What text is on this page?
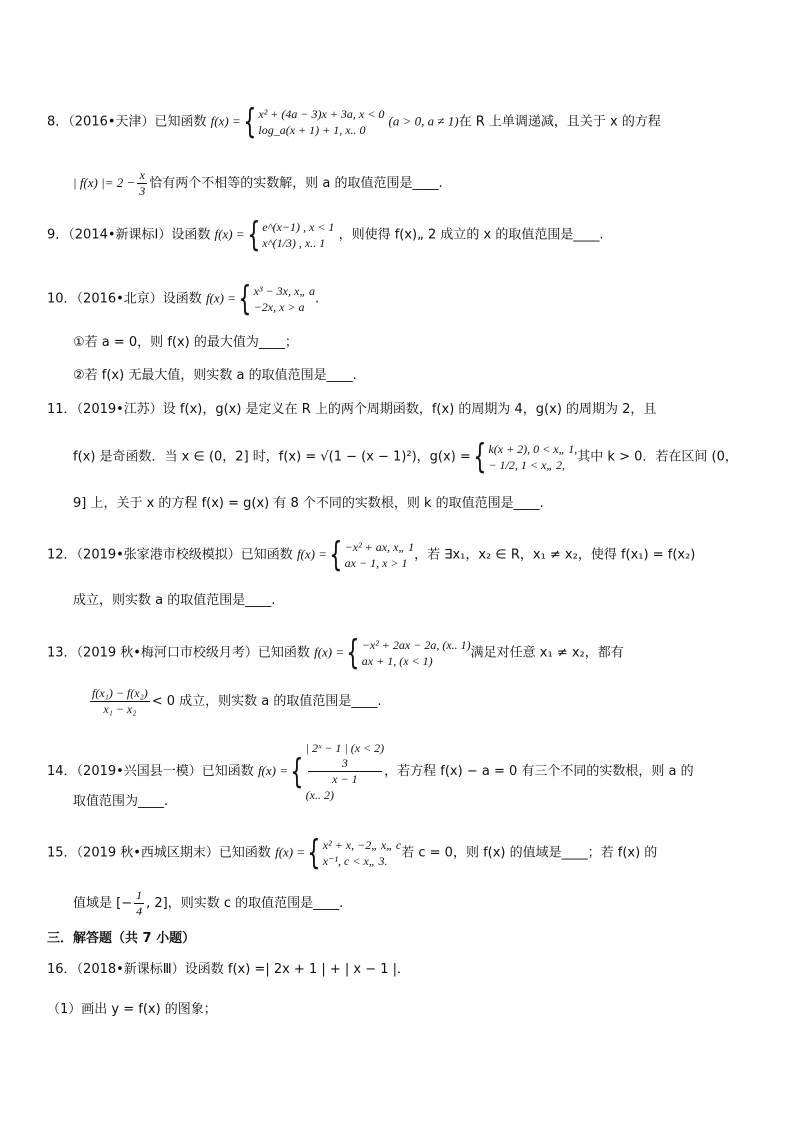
8．（2016•天津）已知函数 f(x) ={ x² + (4a − 3)x + 3a, x < 0
log_a(x + 1) + 1, x.. 0
(a > 0, a ≠ 1)在 R 上单调递减，且关于 x 的方程
| f(x) |= $2 - \frac{x}{3}$ 恰有两个不相等的实数解，则 a 的取值范围是____.
9．（2014•新课标Ⅰ）设函数 f(x) ={ e^(x−1) , x < 1
x^(1/3) , x.. 1
，则使得 f(x)„ 2 成立的 x 的取值范围是____.
10．（2016•北京）设函数 f(x) ={ x³ − 3x, x„ a
−2x, x > a
.
①若 a = 0，则 f(x) 的最大值为____；
②若 f(x) 无最大值，则实数 a 的取值范围是____.
11．（2019•江苏）设 f(x)，g(x) 是定义在 R 上的两个周期函数，f(x) 的周期为 4，g(x) 的周期为 2，且
f(x) 是奇函数．当 x ∈ (0，2] 时，f(x) = √(1 − (x − 1)²)，g(x) ={ k(x + 2), 0 < x„ 1,
− 1/2, 1 < x„ 2,
其中 k > 0．若在区间 (0，
9] 上，关于 x 的方程 f(x) = g(x) 有 8 个不同的实数根，则 k 的取值范围是____.
12．（2019•张家港市校级模拟）已知函数 f(x) ={ −x² + ax, x„ 1
ax − 1, x > 1
，若 ∃x₁，x₂ ∈ R，x₁ ≠ x₂，使得 f(x₁) = f(x₂)
成立，则实数 a 的取值范围是____.
13．（2019 秋•梅河口市校级月考）已知函数 f(x) ={ −x² + 2ax − 2a, (x.. 1)
ax + 1, (x < 1)
满足对任意 x₁ ≠ x₂，都有
$\frac{\text{f(x₁) − f(x₂)}}{\text{x₁ − x₂}} < 0$ 成立，则实数 a 的取值范围是____.
14．（2019•兴国县一模）已知函数 f(x) ={
| 2ˣ − 1 | (x < 2)
3
x − 1
(x.. 2)
，若方程 f(x) − a = 0 有三个不同的实数根，则 a 的
取值范围为____.
15．（2019 秋•西城区期末）已知函数 f(x) ={ x² + x, −2„ x„ c
x⁻¹, c < x„ 3.
若 c = 0，则 f(x) 的值域是____；若 f(x) 的
值域是 [− $\frac{1}{4}$ , 2]，则实数 c 的取值范围是____.
三．解答题（共 7 小题）
16．（2018•新课标Ⅲ）设函数 f(x) =| 2x + 1 | + | x − 1 |．
（1）画出 y = f(x) 的图象；
